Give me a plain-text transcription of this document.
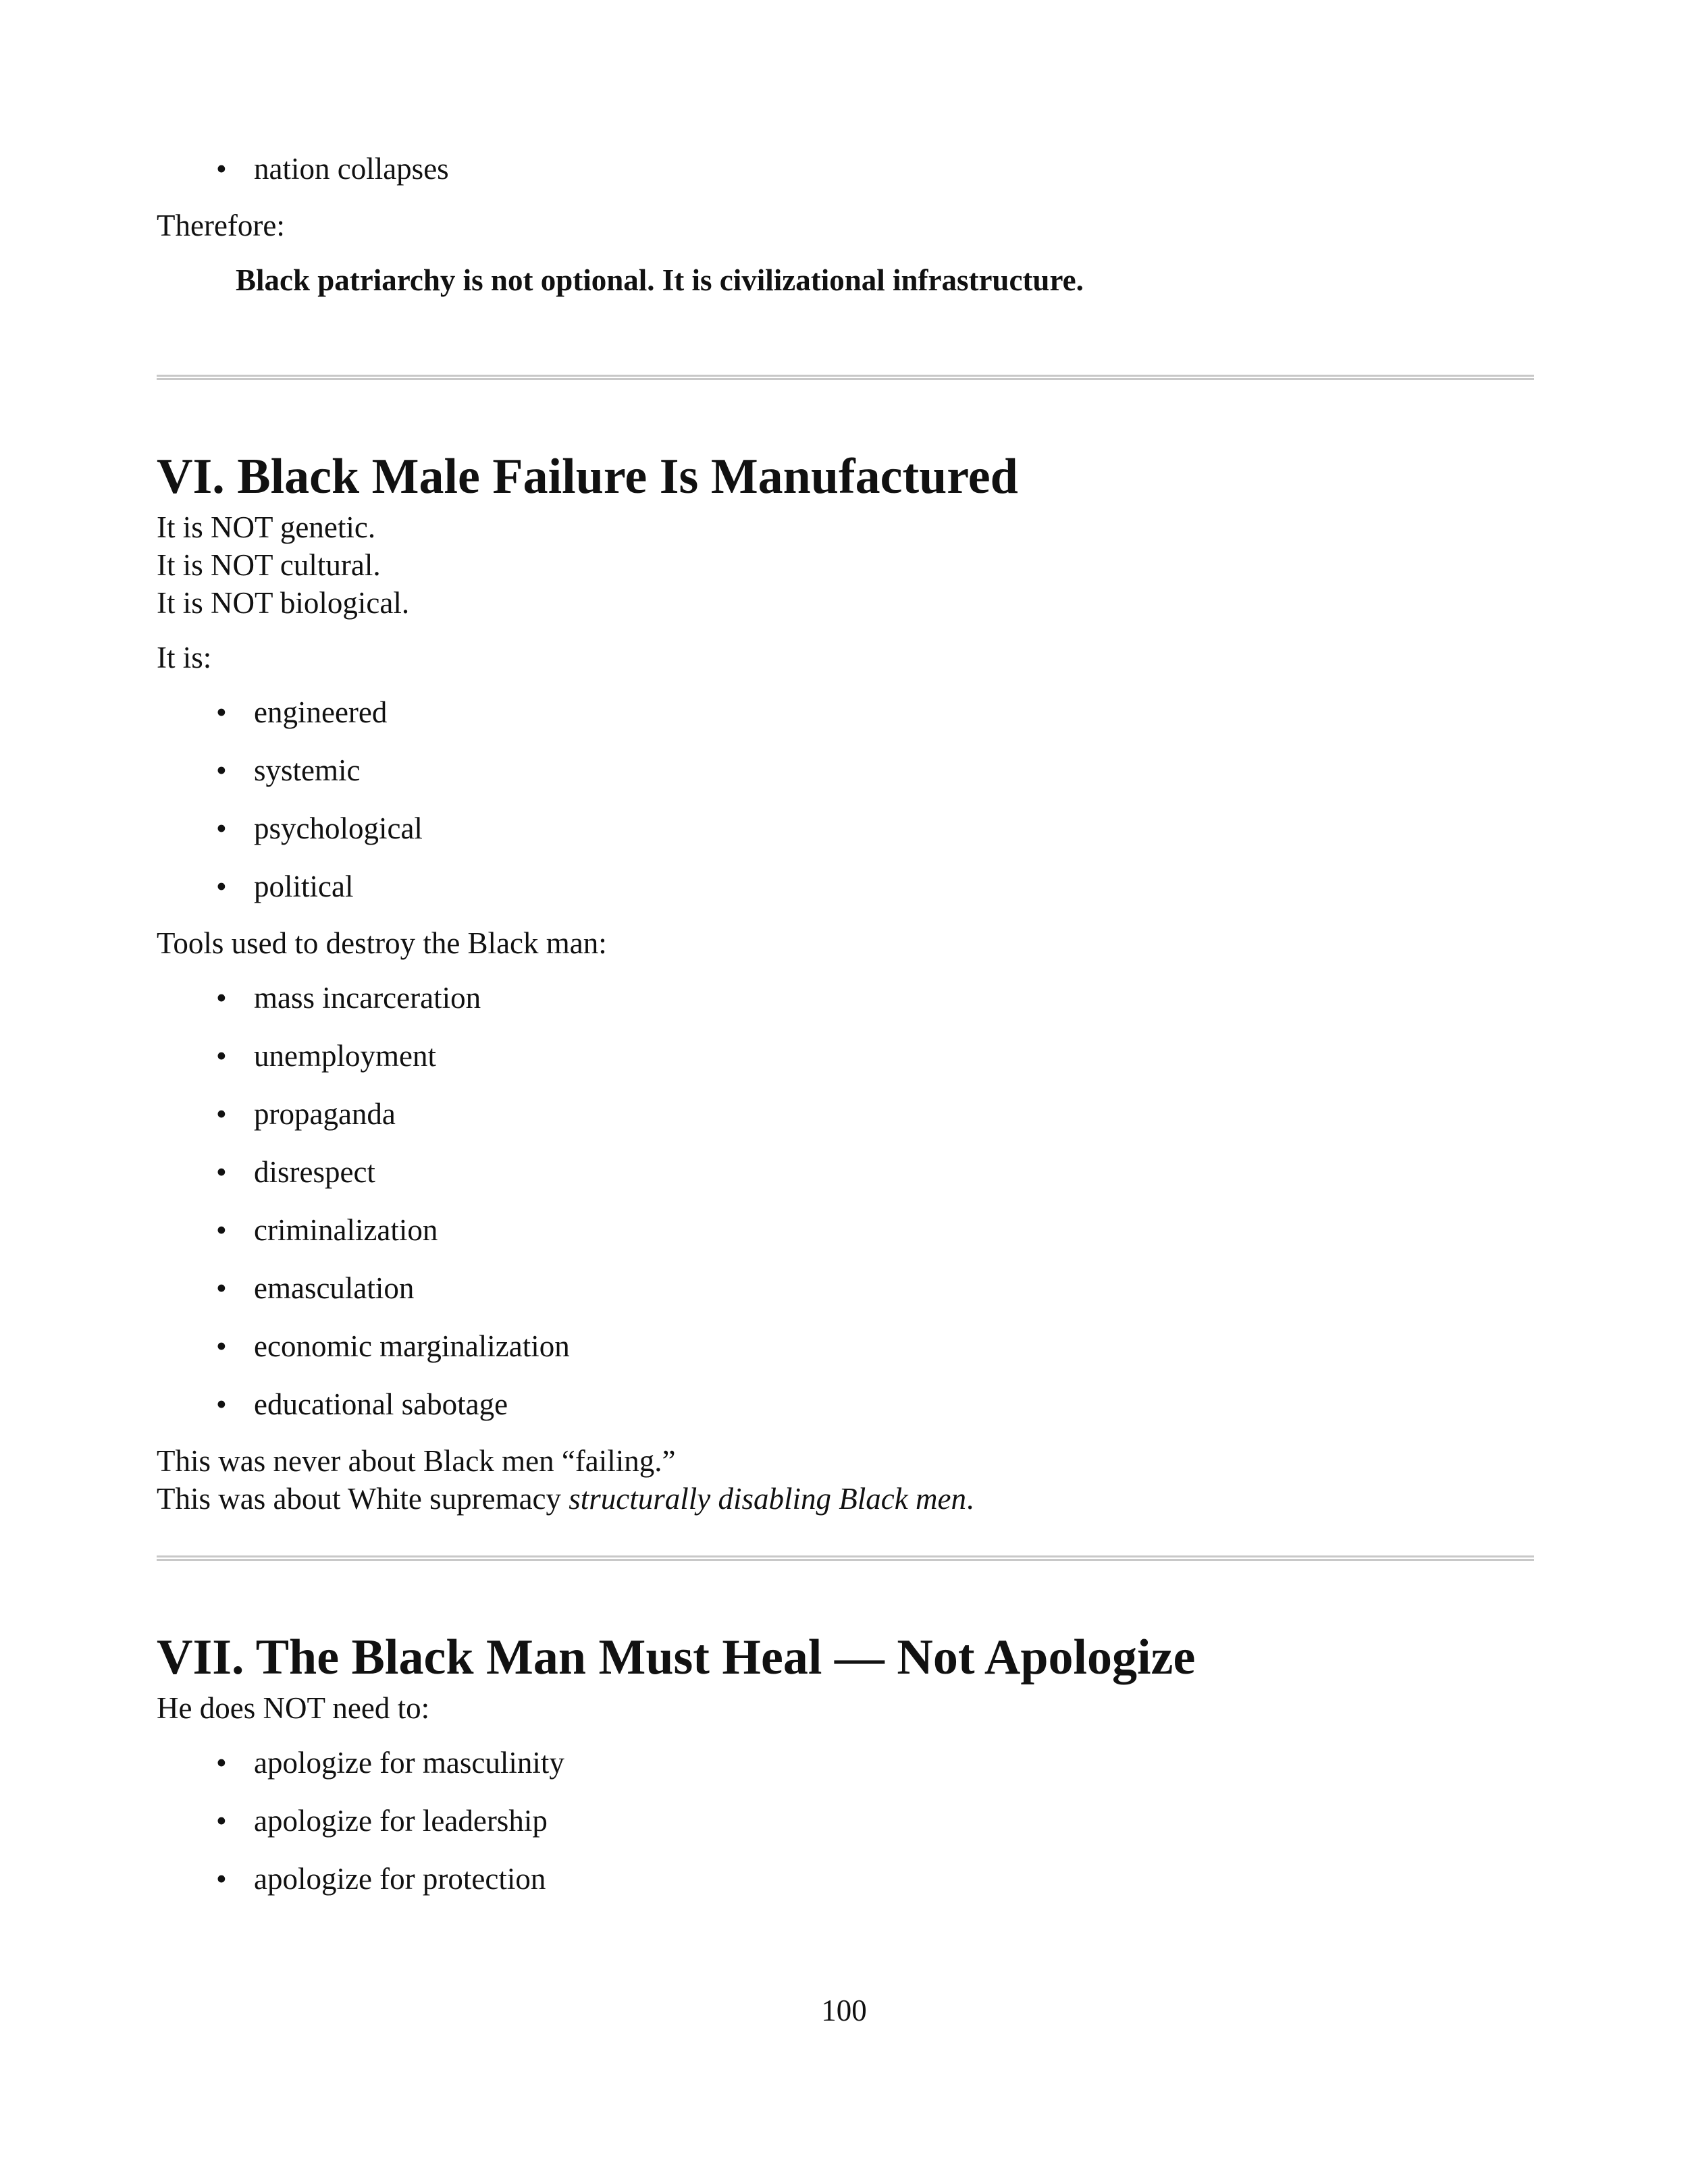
• nation collapses

Therefore:

Black patriarchy is not optional. It is civilizational infrastructure.

VI. Black Male Failure Is Manufactured

It is NOT genetic.

It is NOT cultural.

It is NOT biological.

It is:

• engineered
• systemic
• psychological
• political

Tools used to destroy the Black man:

• mass incarceration
• unemployment
• propaganda
• disrespect
• criminalization
• emasculation
• economic marginalization
• educational sabotage

This was never about Black men “failing.”

This was about White supremacy structurally disabling Black men.

VII. The Black Man Must Heal — Not Apologize

He does NOT need to:

• apologize for masculinity
• apologize for leadership
• apologize for protection
100
